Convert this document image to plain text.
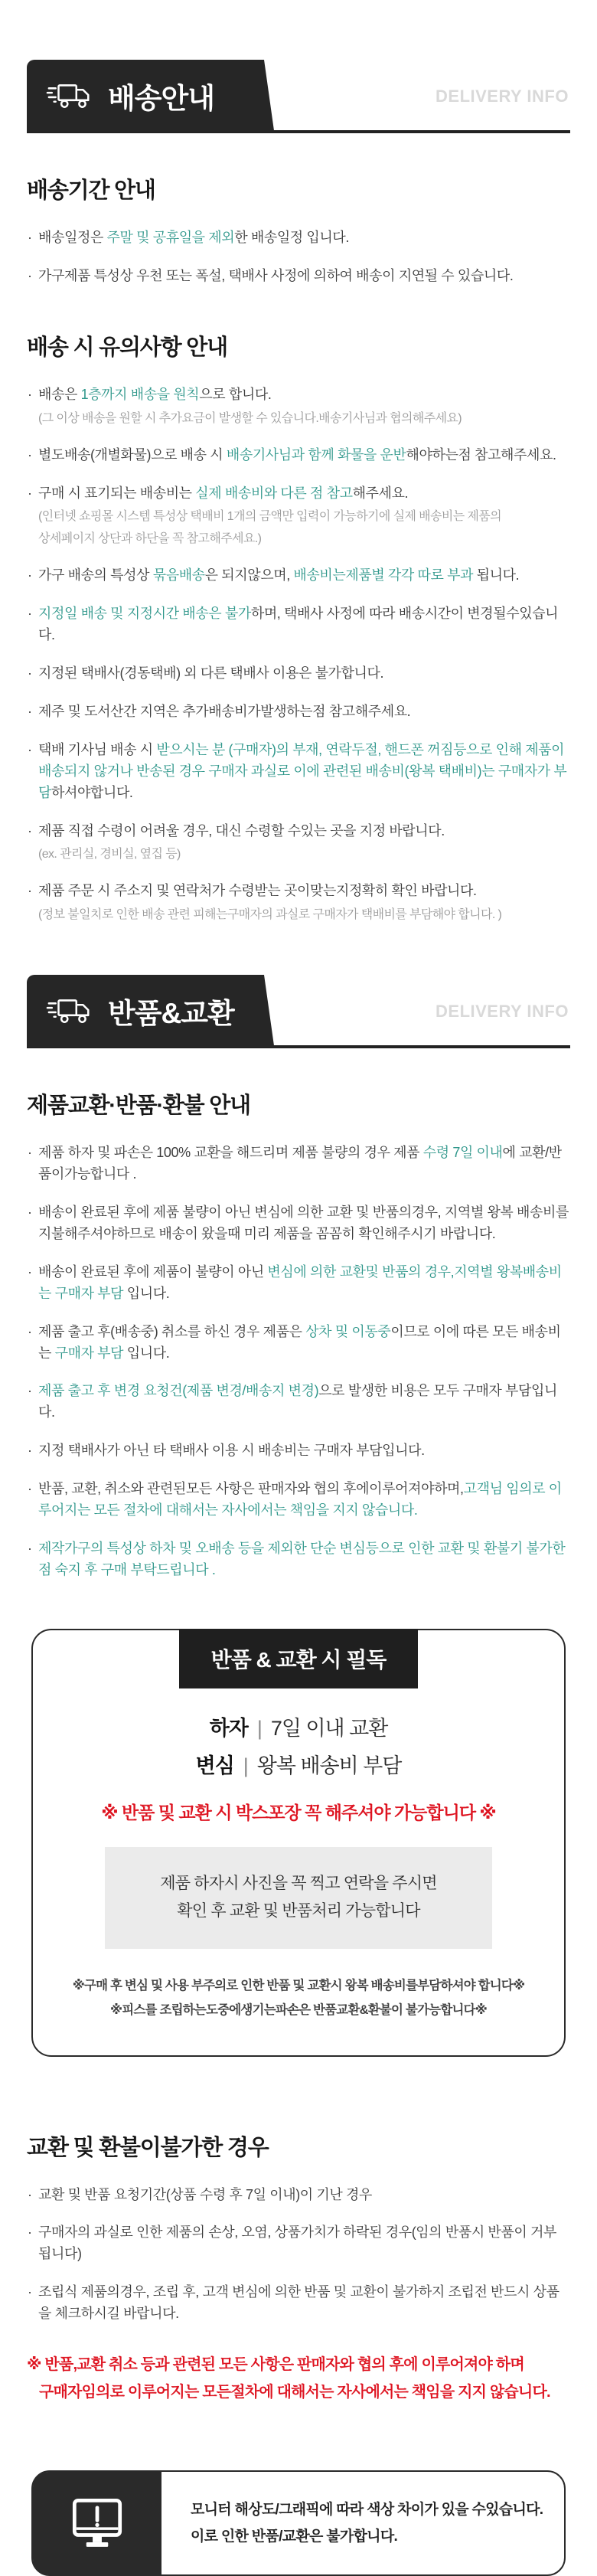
배송안내	DELIVERY INFO
배송기간 안내
· 배송일정은 주말 및 공휴일을 제외한 배송일정 입니다.
· 가구제품 특성상 우천 또는 폭설, 택배사 사정에 의하여 배송이 지연될 수 있습니다.
배송 시 유의사항 안내
· 배송은 1층까지 배송을 원칙으로 합니다.
(그 이상 배송을 원할 시 추가요금이 발생할 수 있습니다.배송기사님과 협의해주세요)
· 별도배송(개별화물)으로 배송 시 배송기사님과 함께 화물을 운반해야하는점 참고해주세요.
· 구매 시 표기되는 배송비는 실제 배송비와 다른 점 참고해주세요.
(인터넷 쇼핑몰 시스템 특성상 택배비 1개의 금액만 입력이 가능하기에 실제 배송비는 제품의
상세페이지 상단과 하단을 꼭 참고해주세요.)
· 가구 배송의 특성상 묶음배송은 되지않으며, 배송비는제품별 각각 따로 부과 됩니다.
· 지정일 배송 및 지정시간 배송은 불가하며, 택배사 사정에 따라 배송시간이 변경될수있습니다.
· 지정된 택배사(경동택배) 외 다른 택배사 이용은 불가합니다.
· 제주 및 도서산간 지역은 추가배송비가발생하는점 참고해주세요.
· 택배 기사님 배송 시 받으시는 분 (구매자)의 부재, 연락두절, 핸드폰 꺼짐등으로 인해 제품이 배송되지 않거나 반송된 경우 구매자 과실로 이에 관련된 배송비(왕복 택배비)는 구매자가 부담하셔야합니다.
· 제품 직접 수령이 어려울 경우, 대신 수령할 수있는 곳을 지정 바랍니다.
(ex. 관리실, 경비실, 옆집 등)
· 제품 주문 시 주소지 및 연락처가 수령받는 곳이맞는지정확히 확인 바랍니다.
(정보 불일치로 인한 배송 관련 피해는구매자의 과실로 구매자가 택배비를 부담해야 합니다. )
반품&교환	DELIVERY INFO
제품교환·반품·환불 안내
· 제품 하자 및 파손은 100% 교환을 해드리며 제품 불량의 경우 제품 수령 7일 이내에 교환/반품이가능합니다 .
· 배송이 완료된 후에 제품 불량이 아닌 변심에 의한 교환 및 반품의경우, 지역별 왕복 배송비를 지불해주셔야하므로 배송이 왔을때 미리 제품을 꼼꼼히 확인해주시기 바랍니다.
· 배송이 완료된 후에 제품이 불량이 아닌 변심에 의한 교환및 반품의 경우,지역별 왕복배송비는 구매자 부담 입니다.
· 제품 출고 후(배송중) 취소를 하신 경우 제품은 상차 및 이동중이므로 이에 따른 모든 배송비는 구매자 부담 입니다.
· 제품 출고 후 변경 요청건(제품 변경/배송지 변경)으로 발생한 비용은 모두 구매자 부담입니다.
· 지정 택배사가 아닌 타 택배사 이용 시 배송비는 구매자 부담입니다.
· 반품, 교환, 취소와 관련된모든 사항은 판매자와 협의 후에이루어져야하며,고객님 임의로 이루어지는 모든 절차에 대해서는 자사에서는 책임을 지지 않습니다.
· 제작가구의 특성상 하차 및 오배송 등을 제외한 단순 변심등으로 인한 교환 및 환불기 불가한점 숙지 후 구매 부탁드립니다 .
반품 & 교환 시 필독
하자 | 7일 이내 교환
변심 | 왕복 배송비 부담
※ 반품 및 교환 시 박스포장 꼭 해주셔야 가능합니다 ※
제품 하자시 사진을 꼭 찍고 연락을 주시면
확인 후 교환 및 반품처리 가능합니다
※구매 후 변심 및 사용 부주의로 인한 반품 및 교환시 왕복 배송비를부담하셔야 합니다※
※피스를 조립하는도중에생기는파손은 반품교환&환불이 불가능합니다※
교환 및 환불이불가한 경우
· 교환 및 반품 요청기간(상품 수령 후 7일 이내)이 기난 경우
· 구매자의 과실로 인한 제품의 손상, 오염, 상품가치가 하락된 경우(임의 반품시 반품이 거부 됩니다)
· 조립식 제품의경우, 조립 후, 고객 변심에 의한 반품 및 교환이 불가하지 조립전 반드시 상품을 체크하시길 바랍니다.
※ 반품,교환 취소 등과 관련된 모든 사항은 판매자와 협의 후에 이루어져야 하며
구매자임의로 이루어지는 모든절차에 대해서는 자사에서는 책임을 지지 않습니다.
모니터 해상도/그래픽에 따라 색상 차이가 있을 수있습니다.
이로 인한 반품/교환은 불가합니다.
